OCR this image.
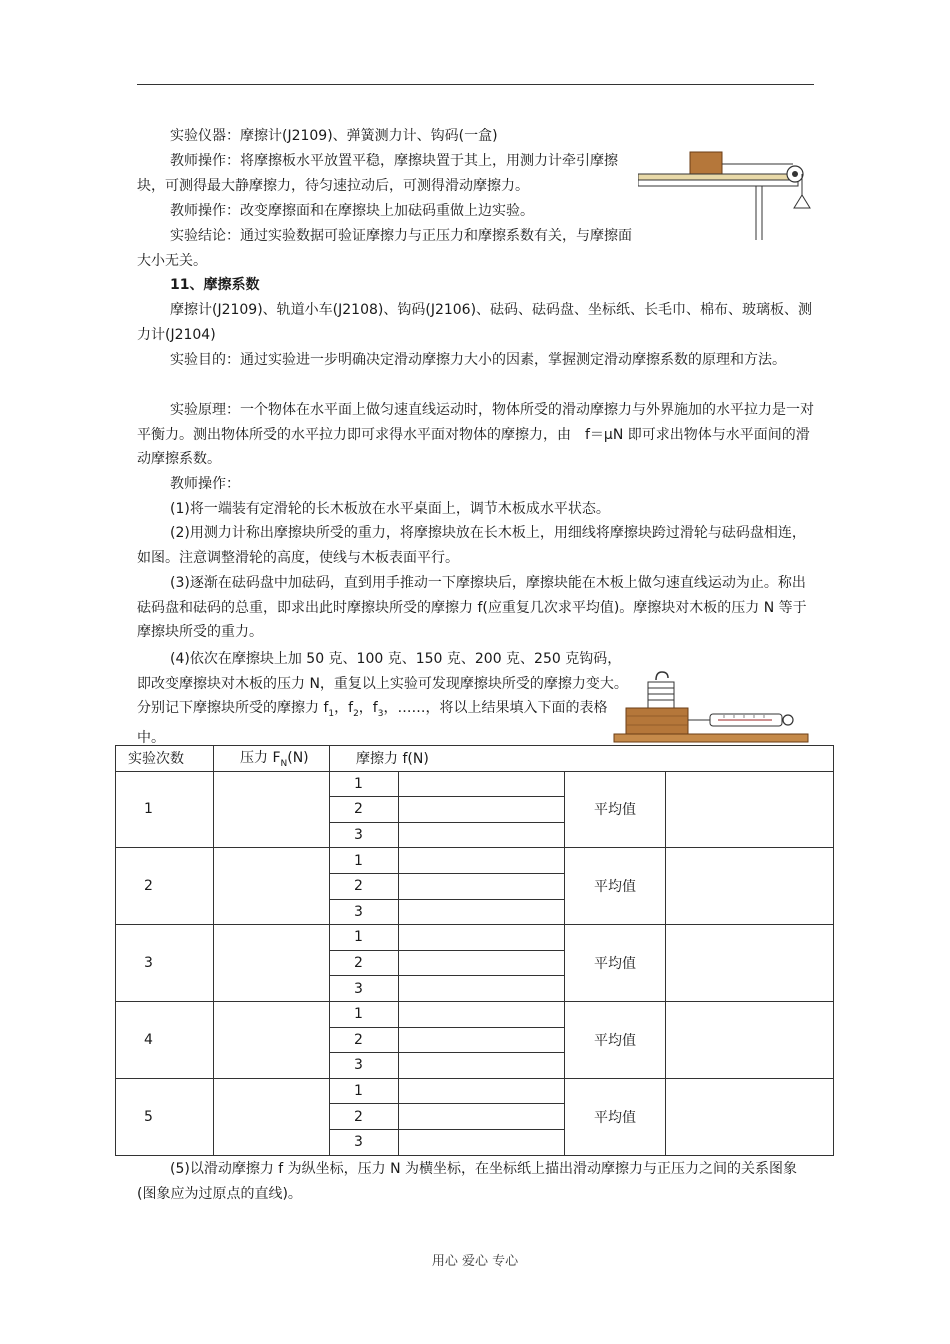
实验仪器：摩擦计(J2109)、弹簧测力计、钩码(一盒)

教师操作：将摩擦板水平放置平稳，摩擦块置于其上，用测力计牵引摩擦块，可测得最大静摩擦力，待匀速拉动后，可测得滑动摩擦力。

教师操作：改变摩擦面和在摩擦块上加砝码重做上边实验。

实验结论：通过实验数据可验证摩擦力与正压力和摩擦系数有关，与摩擦面大小无关。

11、摩擦系数

摩擦计(J2109)、轨道小车(J2108)、钩码(J2106)、砝码、砝码盘、坐标纸、长毛巾、棉布、玻璃板、测力计(J2104)

实验目的：通过实验进一步明确决定滑动摩擦力大小的因素，掌握测定滑动摩擦系数的原理和方法。

实验原理：一个物体在水平面上做匀速直线运动时，物体所受的滑动摩擦力与外界施加的水平拉力是一对平衡力。测出物体所受的水平拉力即可求得水平面对物体的摩擦力，由　f＝μN 即可求出物体与水平面间的滑动摩擦系数。

教师操作：

(1)将一端装有定滑轮的长木板放在水平桌面上，调节木板成水平状态。

(2)用测力计称出摩擦块所受的重力，将摩擦块放在长木板上，用细线将摩擦块跨过滑轮与砝码盘相连，如图。注意调整滑轮的高度，使线与木板表面平行。

(3)逐渐在砝码盘中加砝码，直到用手推动一下摩擦块后，摩擦块能在木板上做匀速直线运动为止。称出砝码盘和砝码的总重，即求出此时摩擦块所受的摩擦力 f(应重复几次求平均值)。摩擦块对木板的压力 N 等于摩擦块所受的重力。

(4)依次在摩擦块上加 50 克、100 克、150 克、200 克、250 克钩码，即改变摩擦块对木板的压力 N，重复以上实验可发现摩擦块所受的摩擦力变大。分别记下摩擦块所受的摩擦力 $f_1$，$f_2$，$f_3$，……，将以上结果填入下面的表格中。

实验次数	压力 $F_N(N)$	摩擦力 f(N)			
1		1		平均值	
		2			
		3			
2		1		平均值	
		2			
		3			
3		1		平均值	
		2			
		3			
4		1		平均值	
		2			
		3			
5		1		平均值	
		2			
		3			
用心 爱心 专心

(5)以滑动摩擦力 f 为纵坐标，压力 N 为横坐标，在坐标纸上描出滑动摩擦力与正压力之间的关系图象(图象应为过原点的直线)。
